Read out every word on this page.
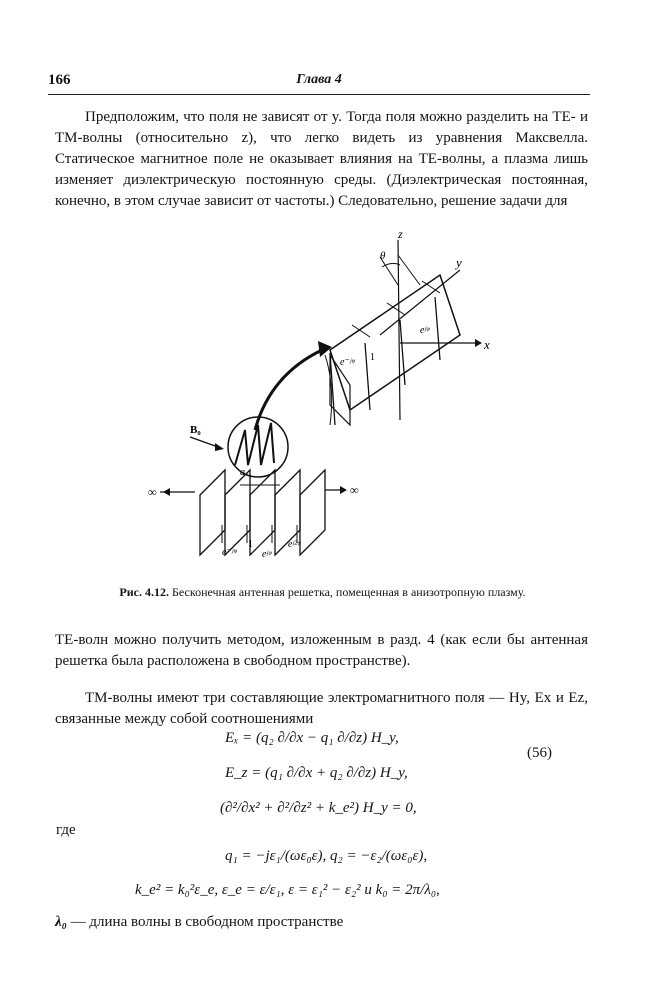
166	Глава 4

Предположим, что поля не зависят от y. Тогда поля можно разделить на TE- и TM-волны (относительно z), что легко видеть из уравнения Максвелла. Статическое магнитное поле не оказывает влияния на TE-волны, а плазма лишь изменяет диэлектрическую постоянную среды. (Диэлектрическая постоянная, конечно, в этом случае зависит от частоты.) Следовательно, решение задачи для

z
y
x
θ
e⁻ʲᵠ 1
eʲᵠ
a
B₀
∞	∞
e⁻ʲᵠ
1
eʲᵠ
eʲ²ᵠ
Рис. 4.12. Бесконечная антенная решетка, помещенная в анизотропную плазму.

TE-волн можно получить методом, изложенным в разд. 4 (как если бы антенная решетка была расположена в свободном пространстве).

TM-волны имеют три составляющие электромагнитного поля — Hy, Ex и Ez, связанные между собой соотношениями

Eₓ = (q₂ ∂/∂x − q₁ ∂/∂z) H_y,
E_z = (q₁ ∂/∂x + q₂ ∂/∂z) H_y,
(∂²/∂x² + ∂²/∂z² + k_e²) H_y = 0,
(56)
где
q₁ = −jε₁/(ωε₀ε), q₂ = −ε₂/(ωε₀ε),
k_e² = k₀²ε_e, ε_e = ε/ε₁, ε = ε₁² − ε₂² и k₀ = 2π/λ₀,
λ₀ — длина волны в свободном пространстве
